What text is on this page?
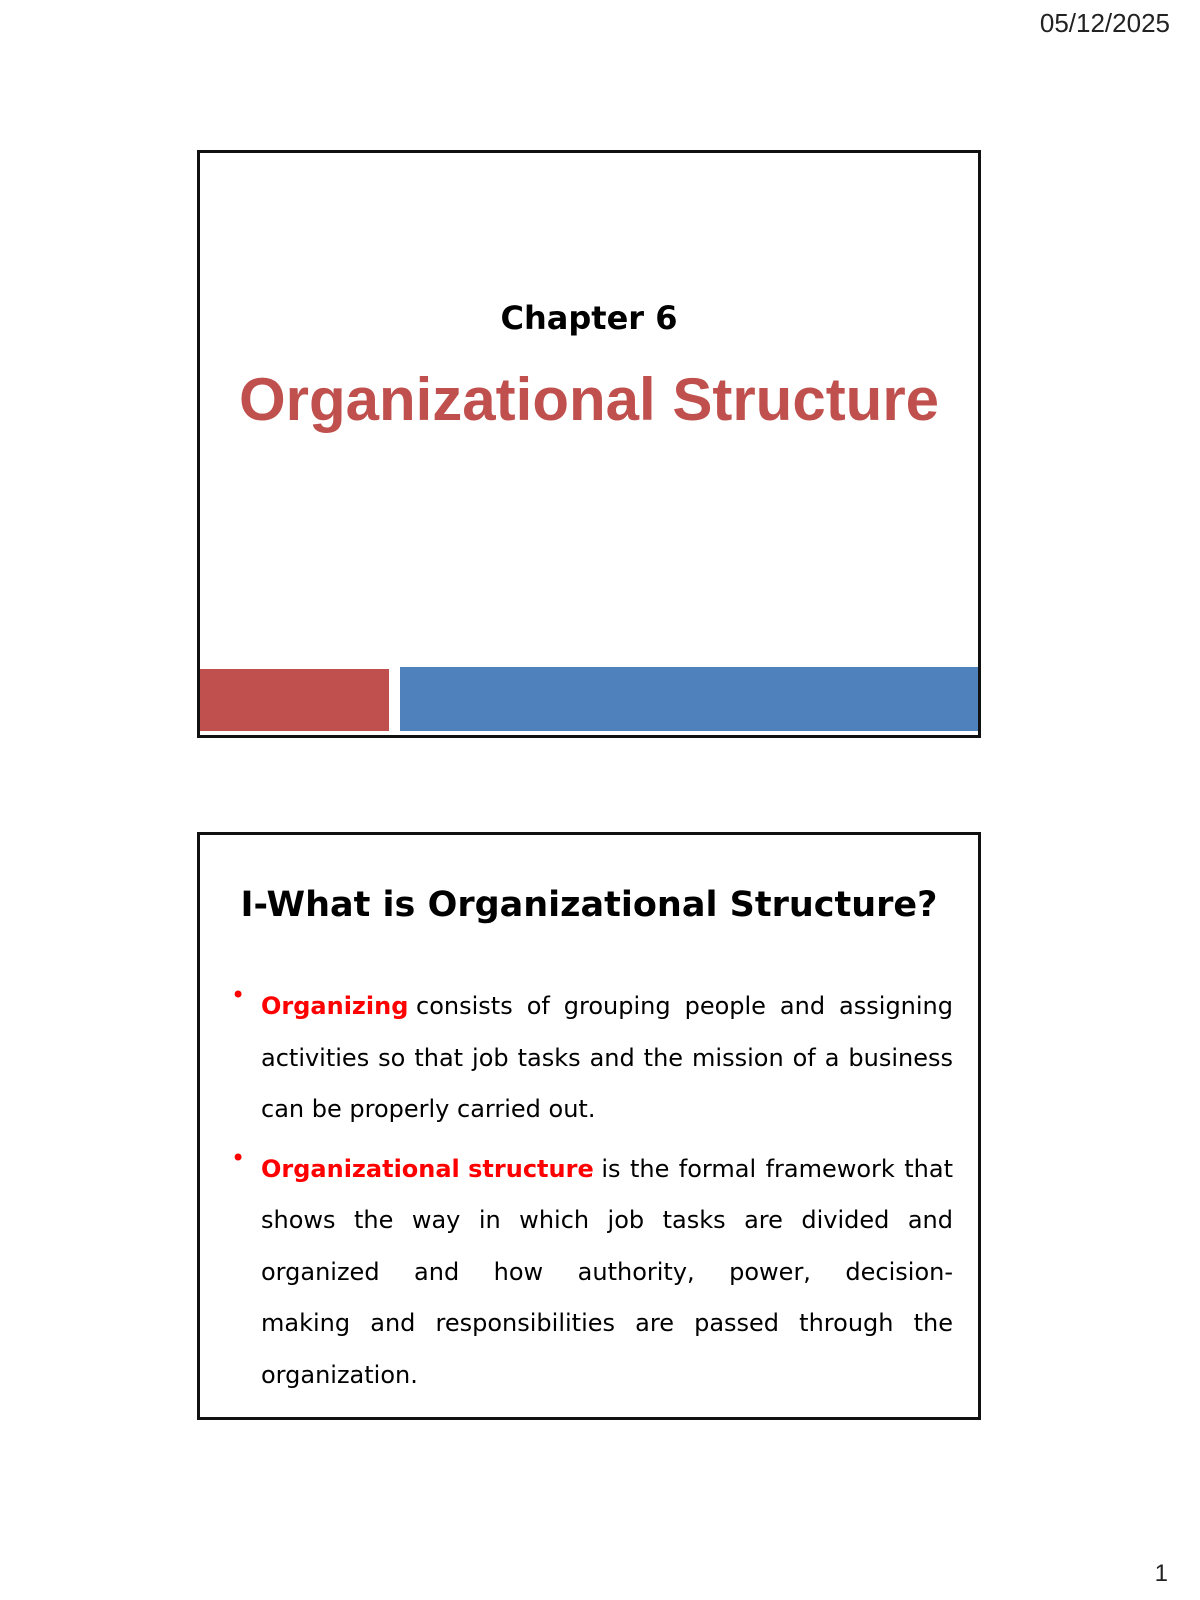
05/12/2025
Chapter 6
Organizational Structure
I-What is Organizational Structure?
• Organizing
consists of grouping people and assigning
activities so that job tasks and the mission of a business
can be properly carried out.
• Organizational structure
is the formal framework that
shows the way in which job tasks are divided and
organized and how authority, power, decision-
making and responsibilities are passed through the
organization.
1
